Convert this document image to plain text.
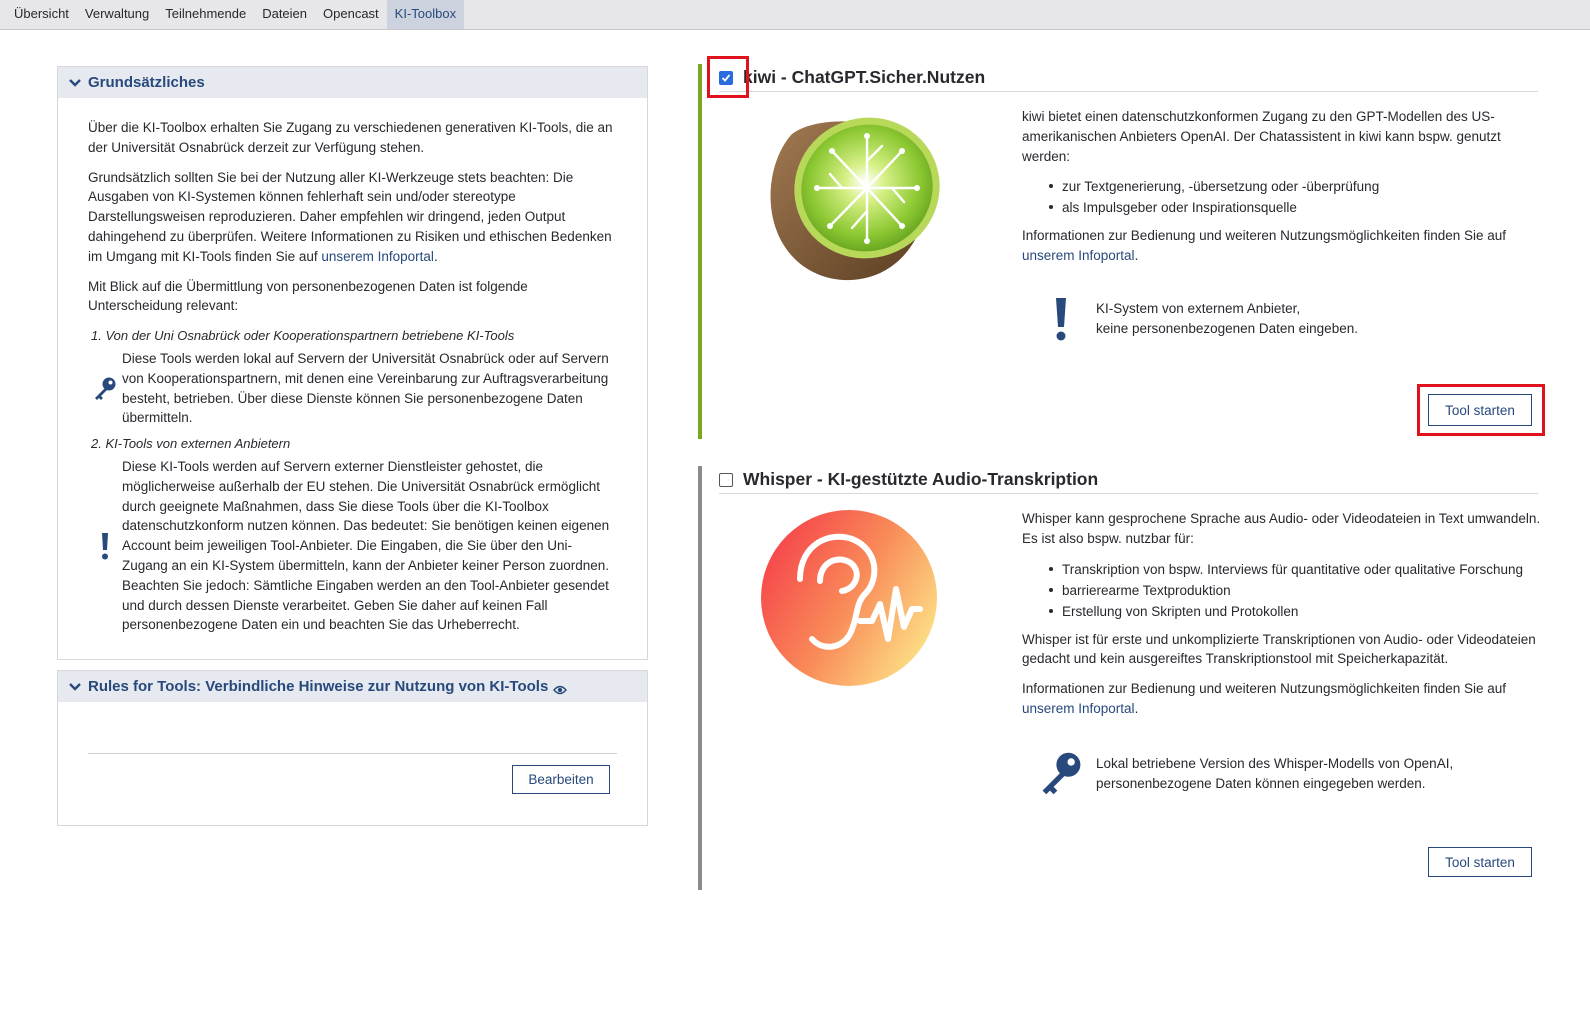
Übersicht	Verwaltung	Teilnehmende	Dateien	Opencast	KI-Toolbox
Grundsätzliches

Über die KI-Toolbox erhalten Sie Zugang zu verschiedenen generativen KI-Tools, die an der Universität Osnabrück derzeit zur Verfügung stehen.

Grundsätzlich sollten Sie bei der Nutzung aller KI-Werkzeuge stets beachten: Die Ausgaben von KI-Systemen können fehlerhaft sein und/oder stereotype Darstellungsweisen reproduzieren. Daher empfehlen wir dringend, jeden Output dahingehend zu überprüfen. Weitere Informationen zu Risiken und ethischen Bedenken im Umgang mit KI-Tools finden Sie auf unserem Infoportal.

Mit Blick auf die Übermittlung von personenbezogenen Daten ist folgende Unterscheidung relevant:

1. Von der Uni Osnabrück oder Kooperationspartnern betriebene KI-Tools
Diese Tools werden lokal auf Servern der Universität Osnabrück oder auf Servern von Kooperationspartnern, mit denen eine Vereinbarung zur Auftragsverarbeitung besteht, betrieben. Über diese Dienste können Sie personenbezogene Daten übermitteln.
2. KI-Tools von externen Anbietern
Diese KI-Tools werden auf Servern externer Dienstleister gehostet, die möglicherweise außerhalb der EU stehen. Die Universität Osnabrück ermöglicht durch geeignete Maßnahmen, dass Sie diese Tools über die KI-Toolbox datenschutzkonform nutzen können. Das bedeutet: Sie benötigen keinen eigenen Account beim jeweiligen Tool-Anbieter. Die Eingaben, die Sie über den Uni-Zugang an ein KI-System übermitteln, kann der Anbieter keiner Person zuordnen. Beachten Sie jedoch: Sämtliche Eingaben werden an den Tool-Anbieter gesendet und durch dessen Dienste verarbeitet. Geben Sie daher auf keinen Fall personenbezogene Daten ein und beachten Sie das Urheberrecht.
Rules for Tools: Verbindliche Hinweise zur Nutzung von KI-Tools
Bearbeiten
kiwi - ChatGPT.Sicher.Nutzen

kiwi bietet einen datenschutzkonformen Zugang zu den GPT-Modellen des US-amerikanischen Anbieters OpenAI. Der Chatassistent in kiwi kann bspw. genutzt werden:

zur Textgenerierung, -übersetzung oder -überprüfung
als Impulsgeber oder Inspirationsquelle

Informationen zur Bedienung und weiteren Nutzungsmöglichkeiten finden Sie auf unserem Infoportal.

KI-System von externem Anbieter,
keine personenbezogenen Daten eingeben.
Tool starten
Whisper - KI-gestützte Audio-Transkription

Whisper kann gesprochene Sprache aus Audio- oder Videodateien in Text umwandeln. Es ist also bspw. nutzbar für:

Transkription von bspw. Interviews für quantitative oder qualitative Forschung
barrierearme Textproduktion
Erstellung von Skripten und Protokollen

Whisper ist für erste und unkomplizierte Transkriptionen von Audio- oder Videodateien gedacht und kein ausgereiftes Transkriptionstool mit Speicherkapazität.

Informationen zur Bedienung und weiteren Nutzungsmöglichkeiten finden Sie auf unserem Infoportal.

Lokal betriebene Version des Whisper-Modells von OpenAI,
personenbezogene Daten können eingegeben werden.
Tool starten
